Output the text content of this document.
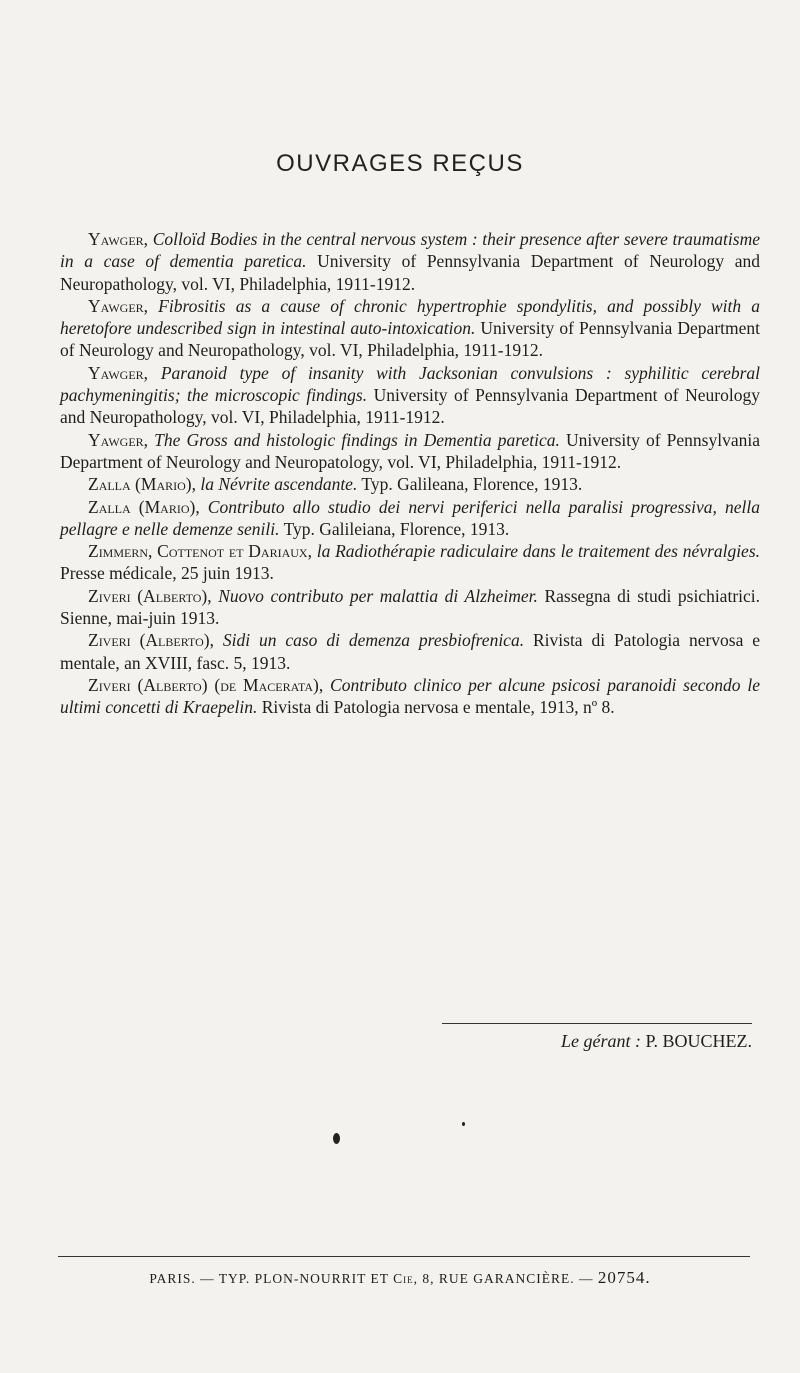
OUVRAGES REÇUS

Yawger, Colloïd Bodies in the central nervous system : their presence after severe traumatisme in a case of dementia paretica. University of Pennsylvania Department of Neurology and Neuropathology, vol. VI, Philadelphia, 1911-1912.

Yawger, Fibrositis as a cause of chronic hypertrophie spondylitis, and possibly with a heretofore undescribed sign in intestinal auto-intoxication. University of Pennsylvania Department of Neurology and Neuropathology, vol. VI, Philadelphia, 1911-1912.

Yawger, Paranoid type of insanity with Jacksonian convulsions : syphilitic cerebral pachymeningitis; the microscopic findings. University of Pennsylvania Department of Neurology and Neuropathology, vol. VI, Philadelphia, 1911-1912.

Yawger, The Gross and histologic findings in Dementia paretica. University of Pennsylvania Department of Neurology and Neuropatology, vol. VI, Philadelphia, 1911-1912.

Zalla (Mario), la Névrite ascendante. Typ. Galileana, Florence, 1913.

Zalla (Mario), Contributo allo studio dei nervi periferici nella paralisi progressiva, nella pellagre e nelle demenze senili. Typ. Galileiana, Florence, 1913.

Zimmern, Cottenot et Dariaux, la Radiothérapie radiculaire dans le traitement des névralgies. Presse médicale, 25 juin 1913.

Ziveri (Alberto), Nuovo contributo per malattia di Alzheimer. Rassegna di studi psichiatrici. Sienne, mai-juin 1913.

Ziveri (Alberto), Sidi un caso di demenza presbiofrenica. Rivista di Patologia nervosa e mentale, an XVIII, fasc. 5, 1913.

Ziveri (Alberto) (de Macerata), Contributo clinico per alcune psicosi paranoidi secondo le ultimi concetti di Kraepelin. Rivista di Patologia nervosa e mentale, 1913, nº 8.

Le gérant : P. BOUCHEZ.
PARIS. — TYP. PLON-NOURRIT ET Cie, 8, RUE GARANCIÈRE. — 20754.
